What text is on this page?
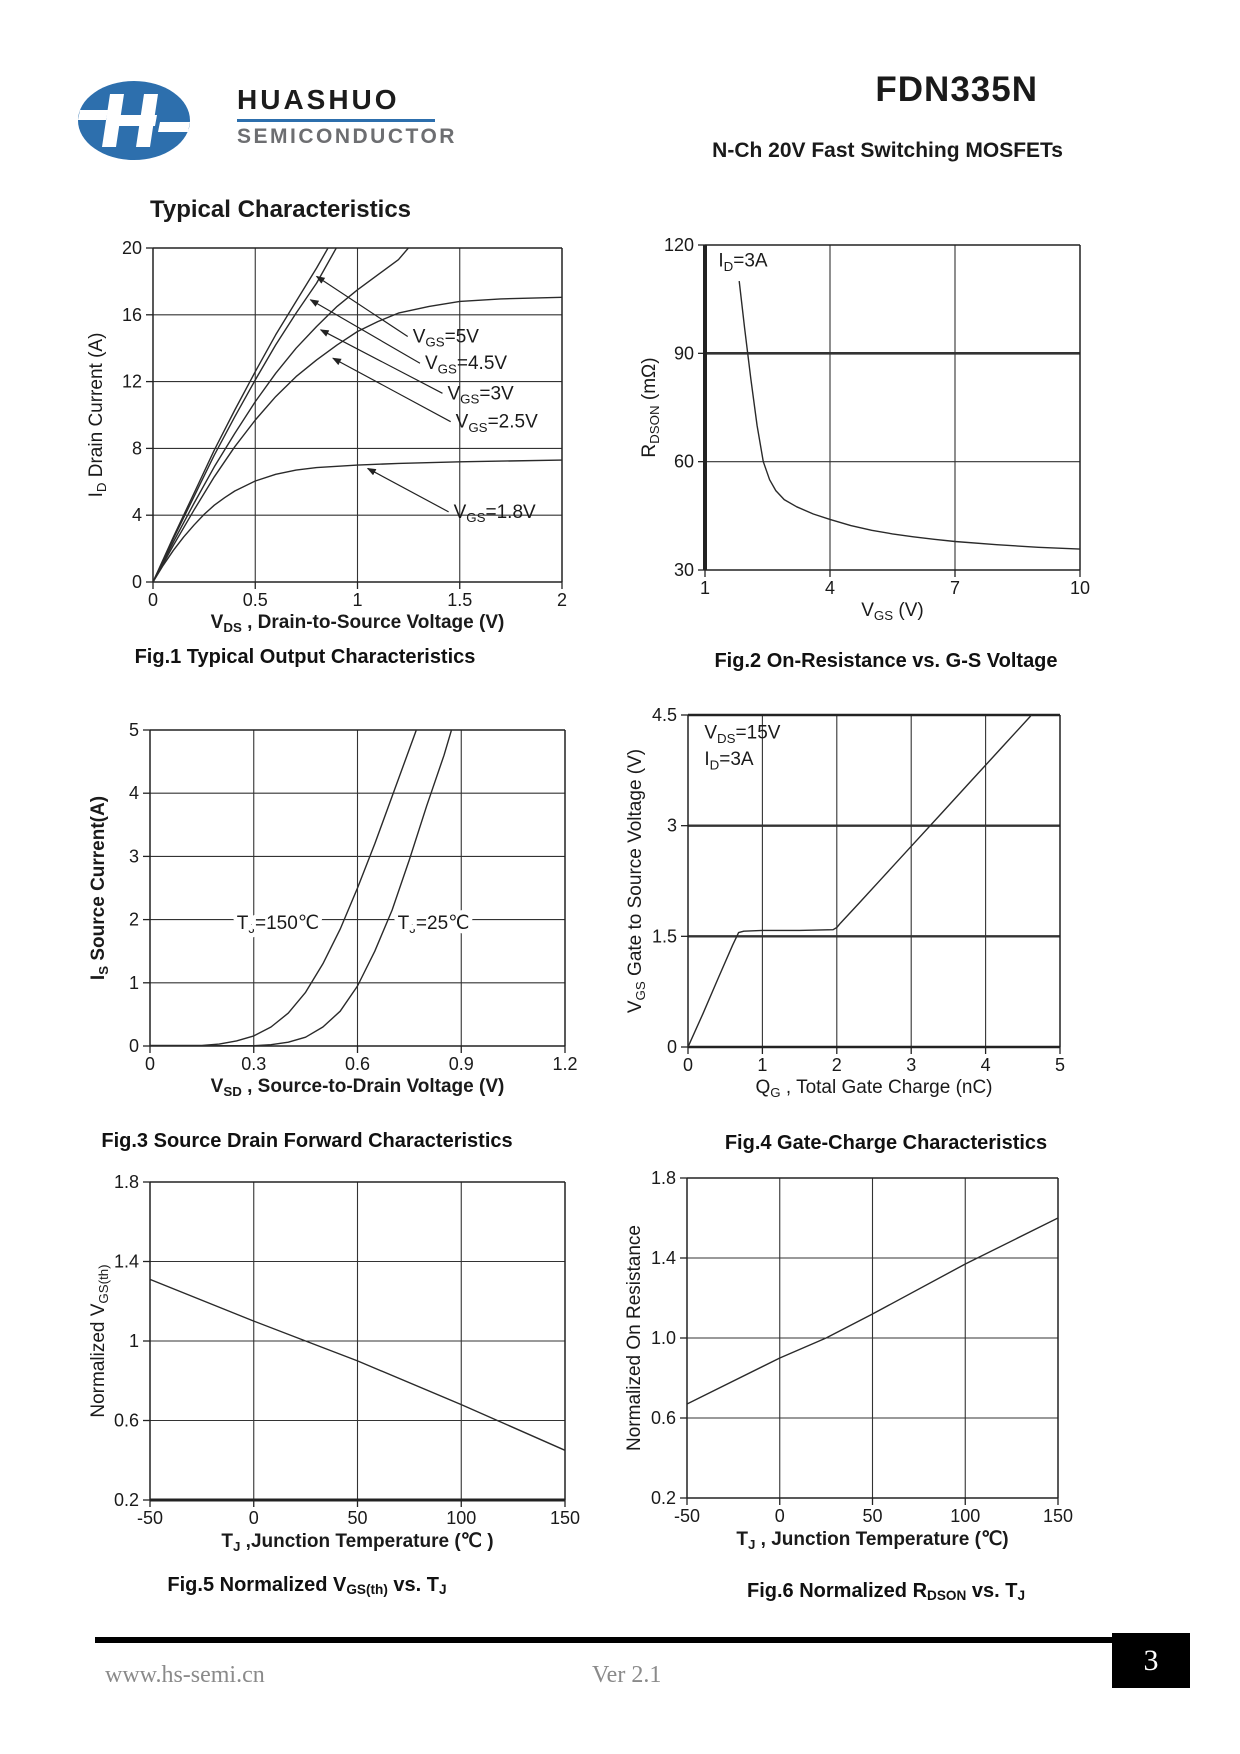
HUASHUO
SEMICONDUCTOR
FDN335N
N-Ch 20V Fast Switching MOSFETs
Typical Characteristics
0	0.5	1	1.5	2
0
4
8
12
16
20
$V_{DS}$ , Drain-to-Source Voltage (V)
$I_D$ Drain Current (A)	$V_{GS}=5V$
$V_{GS}=4.5V$
$V_{GS}=3V$
$V_{GS}=2.5V$
$V_{GS}=1.8V$
1	4	7	10
30
60
90
120
$V_{GS}$ (V)
$R_{DSON}$ (mΩ)
$I_D=3A$
0	0.3	0.6	0.9	1.2
0
1
2
3
4
5
$V_{SD}$ , Source-to-Drain Voltage (V)
$I_S$ Source Current(A)	$T_J=150℃$	$T_J=25℃$
0	1	2	3	4	5
0
1.5
3
4.5
$Q_G$ , Total Gate Charge (nC)
$V_{GS}$ Gate to Source Voltage (V)
$V_{DS}=15V$
$I_D=3A$
-50	0	50	100	150
0.2
0.6
1
1.4
1.8
$T_J$ ,Junction Temperature (℃ )
Normalized $V_{GS(th)}$
-50	0	50	100	150
0.2
0.6
1.0
1.4
1.8
$T_J$ , Junction Temperature (℃)
Normalized On Resistance
Fig.1 Typical Output Characteristics	Fig.2 On-Resistance vs. G-S Voltage
Fig.3 Source Drain Forward Characteristics	Fig.4 Gate-Charge Characteristics
Fig.5 Normalized $V_{GS(th)}$ vs. $T_J$	Fig.6 Normalized $R_{DSON}$ vs. $T_J$
www.hs-semi.cn	Ver 2.1	3
